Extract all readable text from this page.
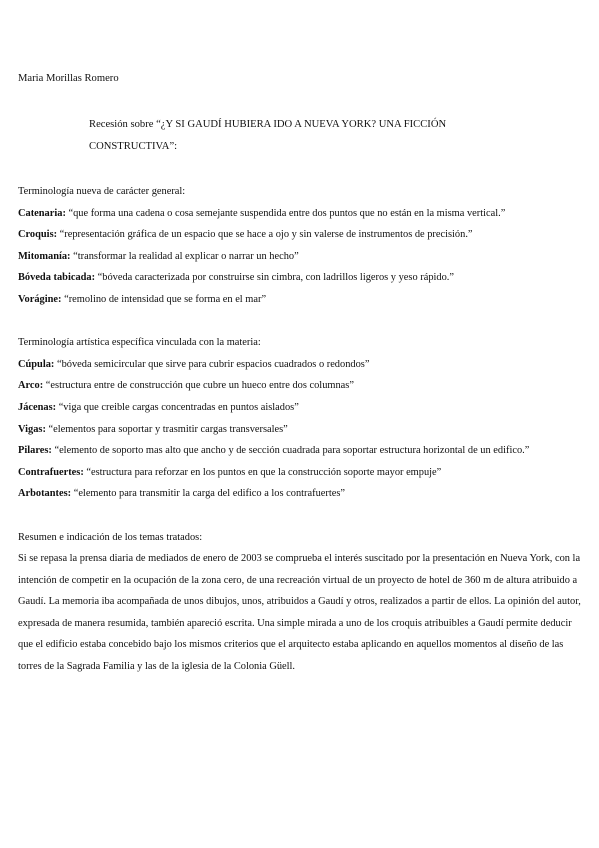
Maria Morillas Romero
Recesión sobre “¿Y SI GAUDÍ HUBIERA IDO A NUEVA YORK? UNA FICCIÓN CONSTRUCTIVA”:
Terminología nueva de carácter general:
Catenaria: “que forma una cadena o cosa semejante suspendida entre dos puntos que no están en la misma vertical.”
Croquis: “representación gráfica de un espacio que se hace a ojo y sin valerse de instrumentos de precisión.”
Mitomanía: “transformar la realidad al explicar o narrar un hecho”
Bóveda tabicada: “bóveda caracterizada por construirse sin cimbra, con ladrillos ligeros y yeso rápido.”
Vorágine: “remolino de intensidad que se forma en el mar”
Terminología artística específica vinculada con la materia:
Cúpula: “bóveda semicircular que sirve para cubrir espacios cuadrados o redondos”
Arco: “estructura entre de construcción que cubre un hueco entre dos columnas”
Jácenas: “viga que creible cargas concentradas en puntos aislados”
Vigas: “elementos para soportar y trasmitir cargas transversales”
Pilares: “elemento de soporto mas alto que ancho y de sección cuadrada para soportar estructura horizontal de un edifico.”
Contrafuertes: “estructura para reforzar en los puntos en que la construcción soporte mayor empuje”
Arbotantes: “elemento para transmitir la carga del edifico a los contrafuertes”
Resumen e indicación de los temas tratados:

Si se repasa la prensa diaria de mediados de enero de 2003 se comprueba el interés suscitado por la presentación en Nueva York, con la intención de competir en la ocupación de la zona cero, de una recreación virtual de un proyecto de hotel de 360 m de altura atribuido a Gaudí. La memoria iba acompañada de unos dibujos, unos, atribuidos a Gaudí y otros, realizados a partir de ellos. La opinión del autor, expresada de manera resumida, también apareció escrita. Una simple mirada a uno de los croquis atribuibles a Gaudí permite deducir que el edificio estaba concebido bajo los mismos criterios que el arquitecto estaba aplicando en aquellos momentos al diseño de las torres de la Sagrada Familia y las de la iglesia de la Colonia Güell.
